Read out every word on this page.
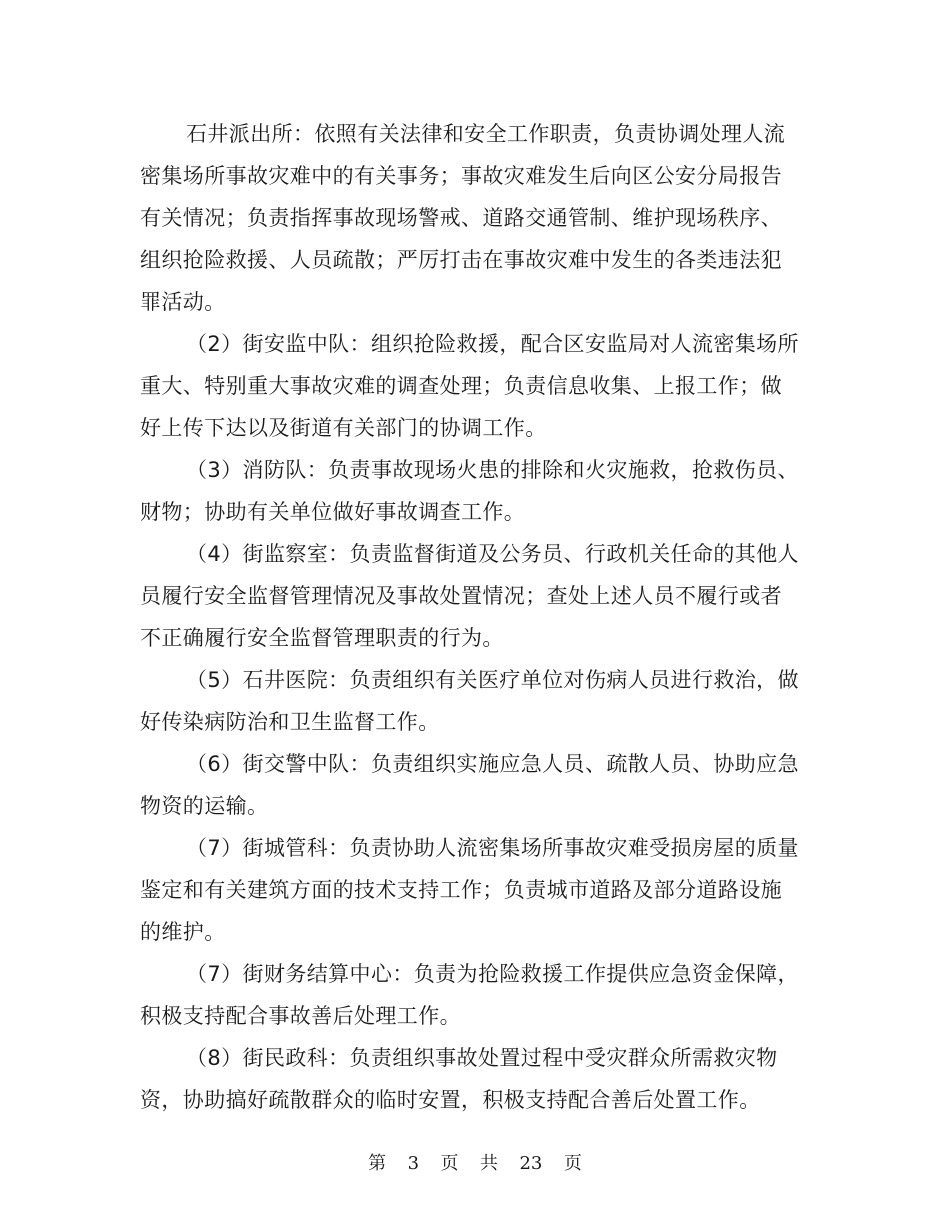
石井派出所：依照有关法律和安全工作职责，负责协调处理人流
密集场所事故灾难中的有关事务；事故灾难发生后向区公安分局报告
有关情况；负责指挥事故现场警戒、道路交通管制、维护现场秩序、
组织抢险救援、人员疏散；严厉打击在事故灾难中发生的各类违法犯
罪活动。
（2）街安监中队：组织抢险救援，配合区安监局对人流密集场所
重大、特别重大事故灾难的调查处理；负责信息收集、上报工作；做
好上传下达以及街道有关部门的协调工作。
（3）消防队：负责事故现场火患的排除和火灾施救，抢救伤员、
财物；协助有关单位做好事故调查工作。
（4）街监察室：负责监督街道及公务员、行政机关任命的其他人
员履行安全监督管理情况及事故处置情况；查处上述人员不履行或者
不正确履行安全监督管理职责的行为。
（5）石井医院：负责组织有关医疗单位对伤病人员进行救治，做
好传染病防治和卫生监督工作。
（6）街交警中队：负责组织实施应急人员、疏散人员、协助应急
物资的运输。
（7）街城管科：负责协助人流密集场所事故灾难受损房屋的质量
鉴定和有关建筑方面的技术支持工作；负责城市道路及部分道路设施
的维护。
（7）街财务结算中心：负责为抢险救援工作提供应急资金保障，
积极支持配合事故善后处理工作。
（8）街民政科：负责组织事故处置过程中受灾群众所需救灾物
资，协助搞好疏散群众的临时安置，积极支持配合善后处置工作。
第 3 页 共 23 页
